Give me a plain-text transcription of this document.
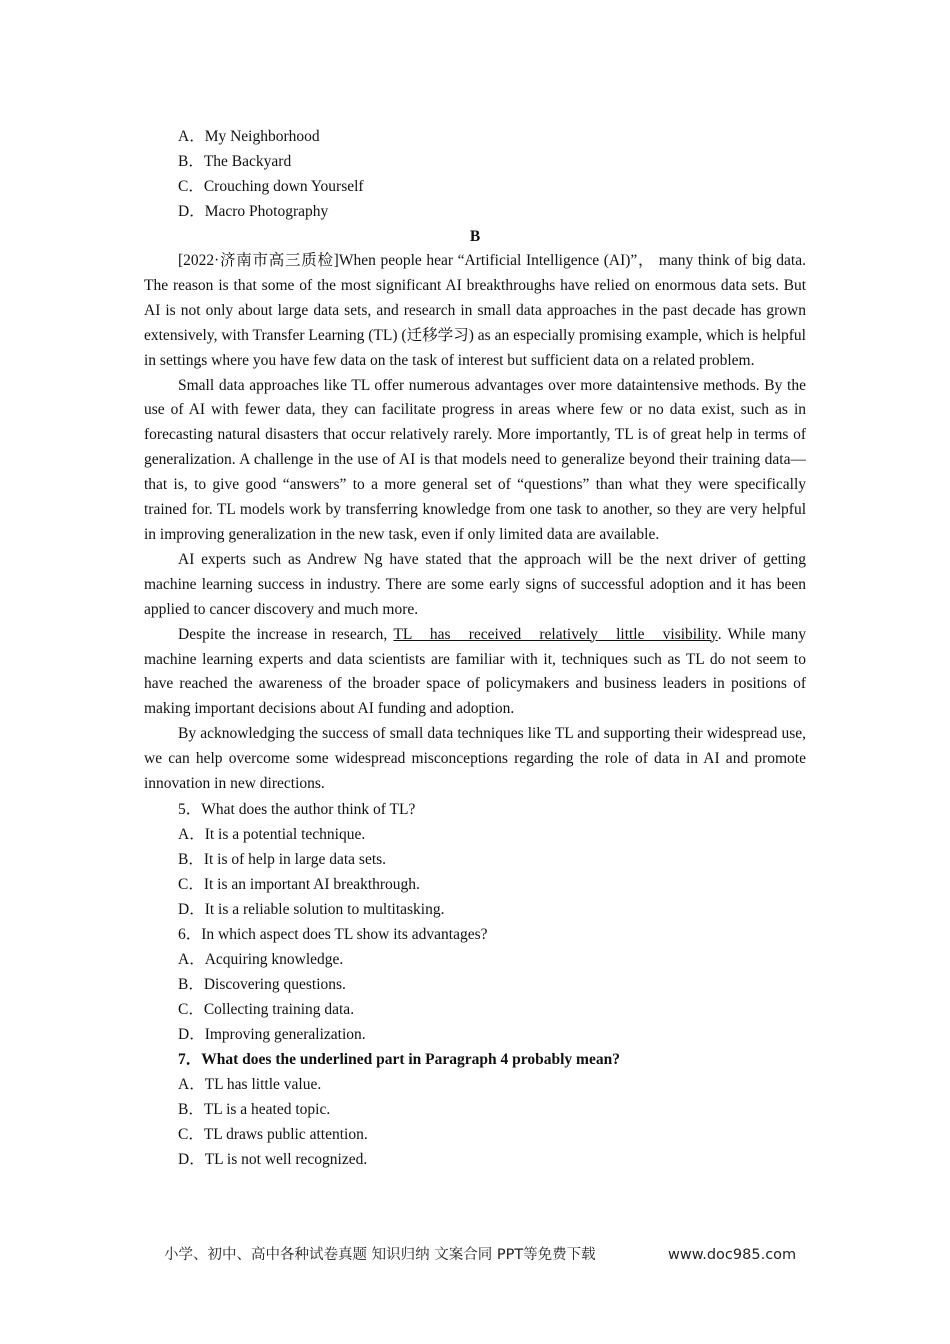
A．My Neighborhood
B．The Backyard
C．Crouching down Yourself
D．Macro Photography
B

[2022·济南市高三质检]When people hear “Artificial Intelligence (AI)”， many think of big data. The reason is that some of the most significant AI breakthroughs have relied on enormous data sets. But AI is not only about large data sets, and research in small data approaches in the past decade has grown extensively, with Transfer Learning (TL) (迁移学习) as an especially promising example, which is helpful in settings where you have few data on the task of interest but sufficient data on a related problem.

Small data approaches like TL offer numerous advantages over more dataintensive methods. By the use of AI with fewer data, they can facilitate progress in areas where few or no data exist, such as in forecasting natural disasters that occur relatively rarely. More importantly, TL is of great help in terms of generalization. A challenge in the use of AI is that models need to generalize beyond their training data—that is, to give good “answers” to a more general set of “questions” than what they were specifically trained for. TL models work by transferring knowledge from one task to another, so they are very helpful in improving generalization in the new task, even if only limited data are available.

AI experts such as Andrew Ng have stated that the approach will be the next driver of getting machine learning success in industry. There are some early signs of successful adoption and it has been applied to cancer discovery and much more.

Despite the increase in research, TL has received relatively little visibility. While many machine learning experts and data scientists are familiar with it, techniques such as TL do not seem to have reached the awareness of the broader space of policymakers and business leaders in positions of making important decisions about AI funding and adoption.

By acknowledging the success of small data techniques like TL and supporting their widespread use, we can help overcome some widespread misconceptions regarding the role of data in AI and promote innovation in new directions.

5．What does the author think of TL?
A．It is a potential technique.
B．It is of help in large data sets.
C．It is an important AI breakthrough.
D．It is a reliable solution to multitasking.
6．In which aspect does TL show its advantages?
A．Acquiring knowledge.
B．Discovering questions.
C．Collecting training data.
D．Improving generalization.
7．What does the underlined part in Paragraph 4 probably mean?
A．TL has little value.
B．TL is a heated topic.
C．TL draws public attention.
D．TL is not well recognized.
小学、初中、高中各种试卷真题 知识归纳 文案合同 PPT等免费下载	www.doc985.com
